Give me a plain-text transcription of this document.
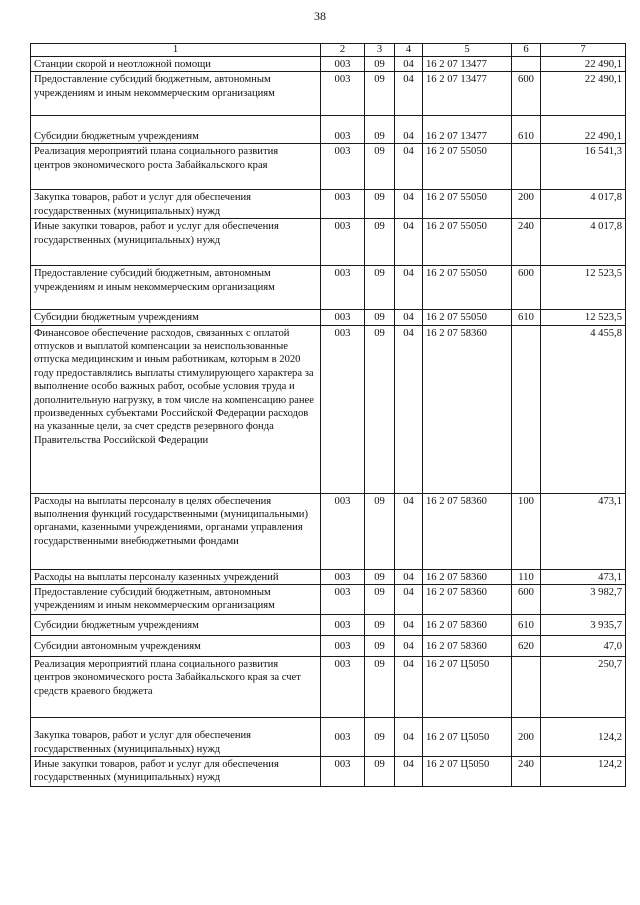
38
1	2	3	4	5	6	7
Станции скорой и неотложной помощи	003	09	04	16 2 07 13477		22 490,1
Предоставление субсидий бюджетным, автономным учреждениям и иным некоммерческим организациям	003	09	04	16 2 07 13477	600	22 490,1
Субсидии бюджетным учреждениям	003	09	04	16 2 07 13477	610	22 490,1
Реализация мероприятий плана социального развития центров экономического роста Забайкальского края	003	09	04	16 2 07 55050		16 541,3
Закупка товаров, работ и услуг для обеспечения государственных (муниципальных) нужд	003	09	04	16 2 07 55050	200	4 017,8
Иные закупки товаров, работ и услуг для обеспечения государственных (муниципальных) нужд	003	09	04	16 2 07 55050	240	4 017,8
Предоставление субсидий бюджетным, автономным учреждениям и иным некоммерческим организациям	003	09	04	16 2 07 55050	600	12 523,5
Субсидии бюджетным учреждениям	003	09	04	16 2 07 55050	610	12 523,5
Финансовое обеспечение расходов, связанных с оплатой отпусков и выплатой компенсации за неиспользованные отпуска медицинским и иным работникам, которым в 2020 году предоставлялись выплаты стимулирующего характера за выполнение особо важных работ, особые условия труда и дополнительную нагрузку, в том числе на компенсацию ранее произведенных субъектами Российской Федерации расходов на указанные цели, за счет средств резервного фонда Правительства Российской Федерации	003	09	04	16 2 07 58360		4 455,8
Расходы на выплаты персоналу в целях обеспечения выполнения функций государственными (муниципальными) органами, казенными учреждениями, органами управления государственными внебюджетными фондами	003	09	04	16 2 07 58360	100	473,1
Расходы на выплаты персоналу казенных учреждений	003	09	04	16 2 07 58360	110	473,1
Предоставление субсидий бюджетным, автономным учреждениям и иным некоммерческим организациям	003	09	04	16 2 07 58360	600	3 982,7
Субсидии бюджетным учреждениям	003	09	04	16 2 07 58360	610	3 935,7
Субсидии автономным учреждениям	003	09	04	16 2 07 58360	620	47,0
Реализация мероприятий плана социального развития центров экономического роста Забайкальского края за счет средств краевого бюджета	003	09	04	16 2 07 Ц5050		250,7
Закупка товаров, работ и услуг для обеспечения государственных (муниципальных) нужд	003	09	04	16 2 07 Ц5050	200	124,2
Иные закупки товаров, работ и услуг для обеспечения государственных (муниципальных) нужд	003	09	04	16 2 07 Ц5050	240	124,2
